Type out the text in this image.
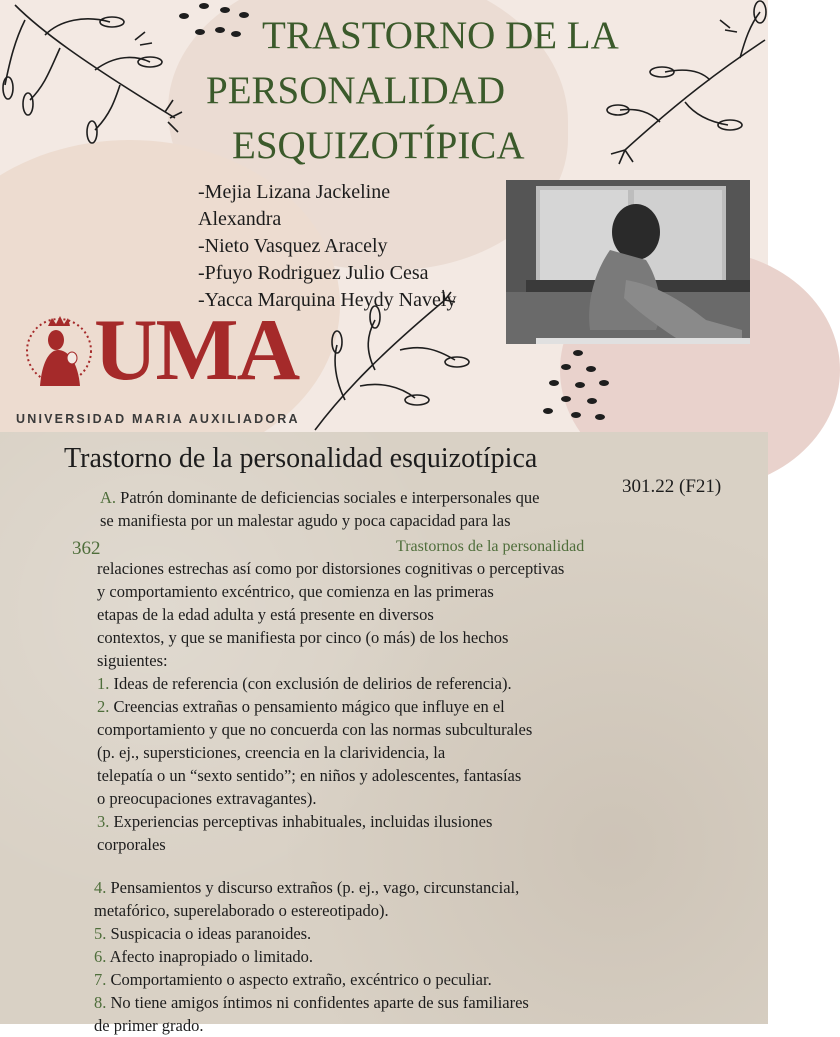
TRASTORNO DE LA
PERSONALIDAD
ESQUIZOTÍPICA
-Mejia Lizana Jackeline
Alexandra
-Nieto Vasquez Aracely
-Pfuyo Rodriguez Julio Cesa
-Yacca Marquina Heydy Navely
UMA
UNIVERSIDAD MARIA AUXILIADORA
Trastorno de la personalidad esquizotípica
301.22 (F21)
A. Patrón dominante de deficiencias sociales e interpersonales que
se manifiesta por un malestar agudo y poca capacidad para las
362	Trastornos de la personalidad
relaciones estrechas así como por distorsiones cognitivas o perceptivas
y comportamiento excéntrico, que comienza en las primeras
etapas de la edad adulta y está presente en diversos
contextos, y que se manifiesta por cinco (o más) de los hechos
siguientes:
1. Ideas de referencia (con exclusión de delirios de referencia).
2. Creencias extrañas o pensamiento mágico que influye en el
comportamiento y que no concuerda con las normas subculturales
(p. ej., supersticiones, creencia en la clarividencia, la
telepatía o un “sexto sentido”; en niños y adolescentes, fantasías
o preocupaciones extravagantes).
3. Experiencias perceptivas inhabituales, incluidas ilusiones
corporales
4. Pensamientos y discurso extraños (p. ej., vago, circunstancial,
metafórico, superelaborado o estereotipado).
5. Suspicacia o ideas paranoides.
6. Afecto inapropiado o limitado.
7. Comportamiento o aspecto extraño, excéntrico o peculiar.
8. No tiene amigos íntimos ni confidentes aparte de sus familiares
de primer grado.
